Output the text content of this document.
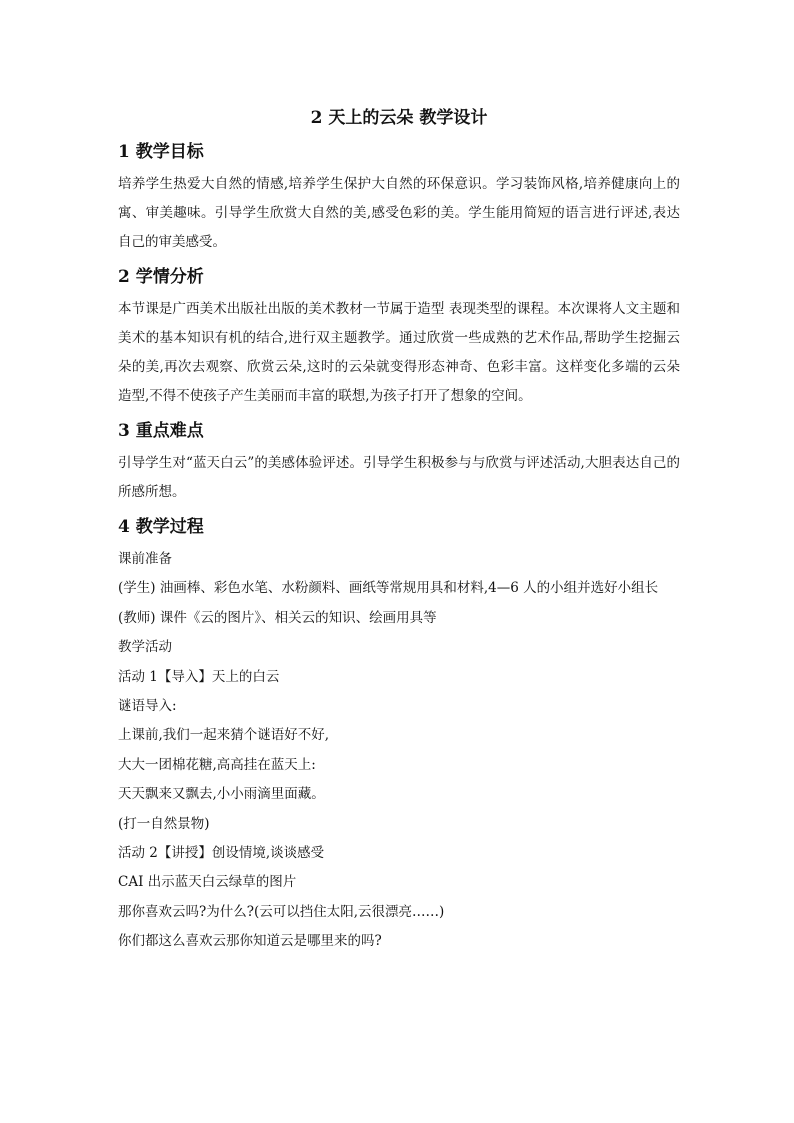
2 天上的云朵 教学设计
1 教学目标

培养学生热爱大自然的情感,培养学生保护大自然的环保意识。学习装饰风格,培养健康向上的寓、审美趣味。引导学生欣赏大自然的美,感受色彩的美。学生能用简短的语言进行评述,表达自己的审美感受。

2 学情分析

本节课是广西美术出版社出版的美术教材一节属于造型 表现类型的课程。本次课将人文主题和美术的基本知识有机的结合,进行双主题教学。通过欣赏一些成熟的艺术作品,帮助学生挖掘云朵的美,再次去观察、欣赏云朵,这时的云朵就变得形态神奇、色彩丰富。这样变化多端的云朵造型,不得不使孩子产生美丽而丰富的联想,为孩子打开了想象的空间。

3 重点难点

引导学生对“蓝天白云”的美感体验评述。引导学生积极参与与欣赏与评述活动,大胆表达自己的所感所想。

4 教学过程

课前准备

(学生) 油画棒、彩色水笔、水粉颜料、画纸等常规用具和材料,4—6 人的小组并选好小组长

(教师) 课件《云的图片》、相关云的知识、绘画用具等

教学活动

活动 1【导入】天上的白云

谜语导入:

上课前,我们一起来猜个谜语好不好,

大大一团棉花糖,高高挂在蓝天上:

天天飘来又飘去,小小雨滴里面藏。

(打一自然景物)

活动 2【讲授】创设情境,谈谈感受

CAI 出示蓝天白云绿草的图片

那你喜欢云吗?为什么?(云可以挡住太阳,云很漂亮……)

你们都这么喜欢云那你知道云是哪里来的吗?
